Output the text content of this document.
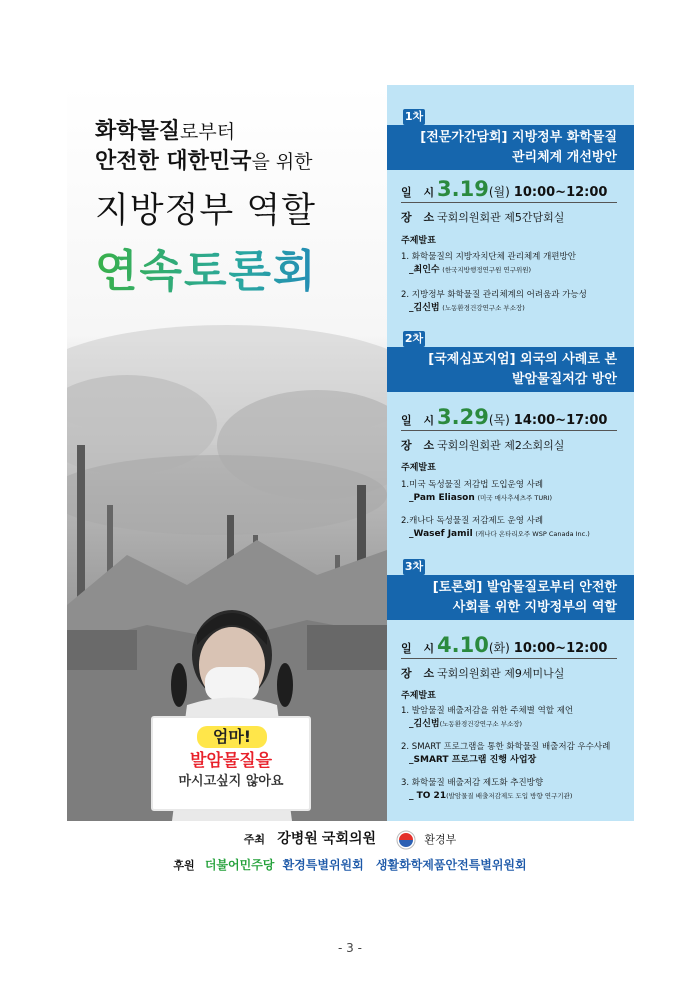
화학물질로부터
안전한 대한민국을 위한
지방정부 역할
연속토론회
엄마!
발암물질을
마시고싶지 않아요
1차
[전문가간담회] 지방정부 화학물질
관리체계 개선방안
일 시3.19(월) 10:00~12:00
장 소국회의원회관 제5간담회실
주제발표
1. 화학물질의 지방자치단체 관리체계 개편방안
_최인수 (한국지방행정연구원 연구위원)
2. 지방정부 화학물질 관리체계의 어려움과 가능성
_김신범 (노동환경건강연구소 부소장)
2차
[국제심포지엄] 외국의 사례로 본
발암물질저감 방안
일 시3.29(목) 14:00~17:00
장 소국회의원회관 제2소회의실
주제발표
1.미국 독성물질 저감법 도입운영 사례
_Pam Eliason (미국 매사추세츠주 TURI)
2.캐나다 독성물질 저감제도 운영 사례
_Wasef Jamil (캐나다 온타리오주 WSP Canada Inc.)
3차
[토론회] 발암물질로부터 안전한
사회를 위한 지방정부의 역할
일 시4.10(화) 10:00~12:00
장 소국회의원회관 제9세미나실
주제발표
1. 발암물질 배출저감을 위한 주체별 역할 제언
_김신범(노동환경건강연구소 부소장)
2. SMART 프로그램을 통한 화학물질 배출저감 우수사례
_SMART 프로그램 진행 사업장
3. 화학물질 배출저감 제도화 추진방향
_ TO 21(발암물질 배출저감제도 도입 방향 연구기관)
주최 강병원 국회의원	환경부
후원 더불어민주당 환경특별위원회 생활화학제품안전특별위원회
- 3 -
